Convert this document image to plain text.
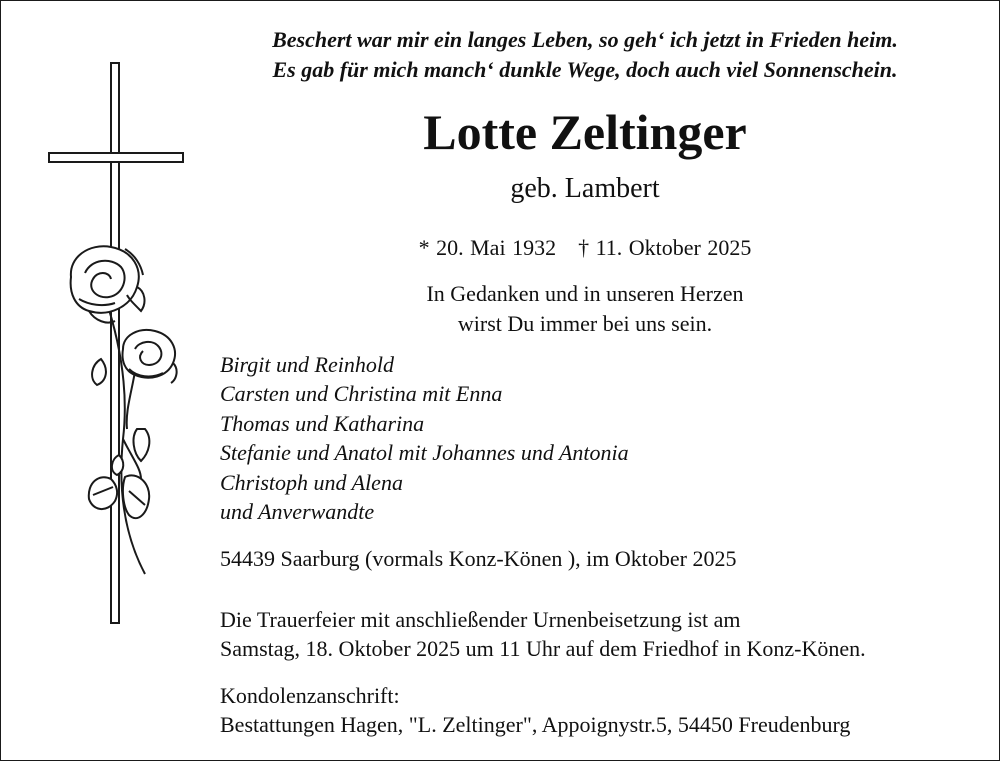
Beschert war mir ein langes Leben, so geh‘ ich jetzt in Frieden heim.
Es gab für mich manch‘ dunkle Wege, doch auch viel Sonnenschein.
Lotte Zeltinger
geb. Lambert
* 20. Mai 1932 † 11. Oktober 2025
In Gedanken und in unseren Herzen
wirst Du immer bei uns sein.
Birgit und Reinhold
Carsten und Christina mit Enna
Thomas und Katharina
Stefanie und Anatol mit Johannes und Antonia
Christoph und Alena
und Anverwandte
54439 Saarburg (vormals Konz-Könen ), im Oktober 2025
Die Trauerfeier mit anschließender Urnenbeisetzung ist am
Samstag, 18. Oktober 2025 um 11 Uhr auf dem Friedhof in Konz-Könen.
Kondolenzanschrift:
Bestattungen Hagen, "L. Zeltinger", Appoignystr.5, 54450 Freudenburg
